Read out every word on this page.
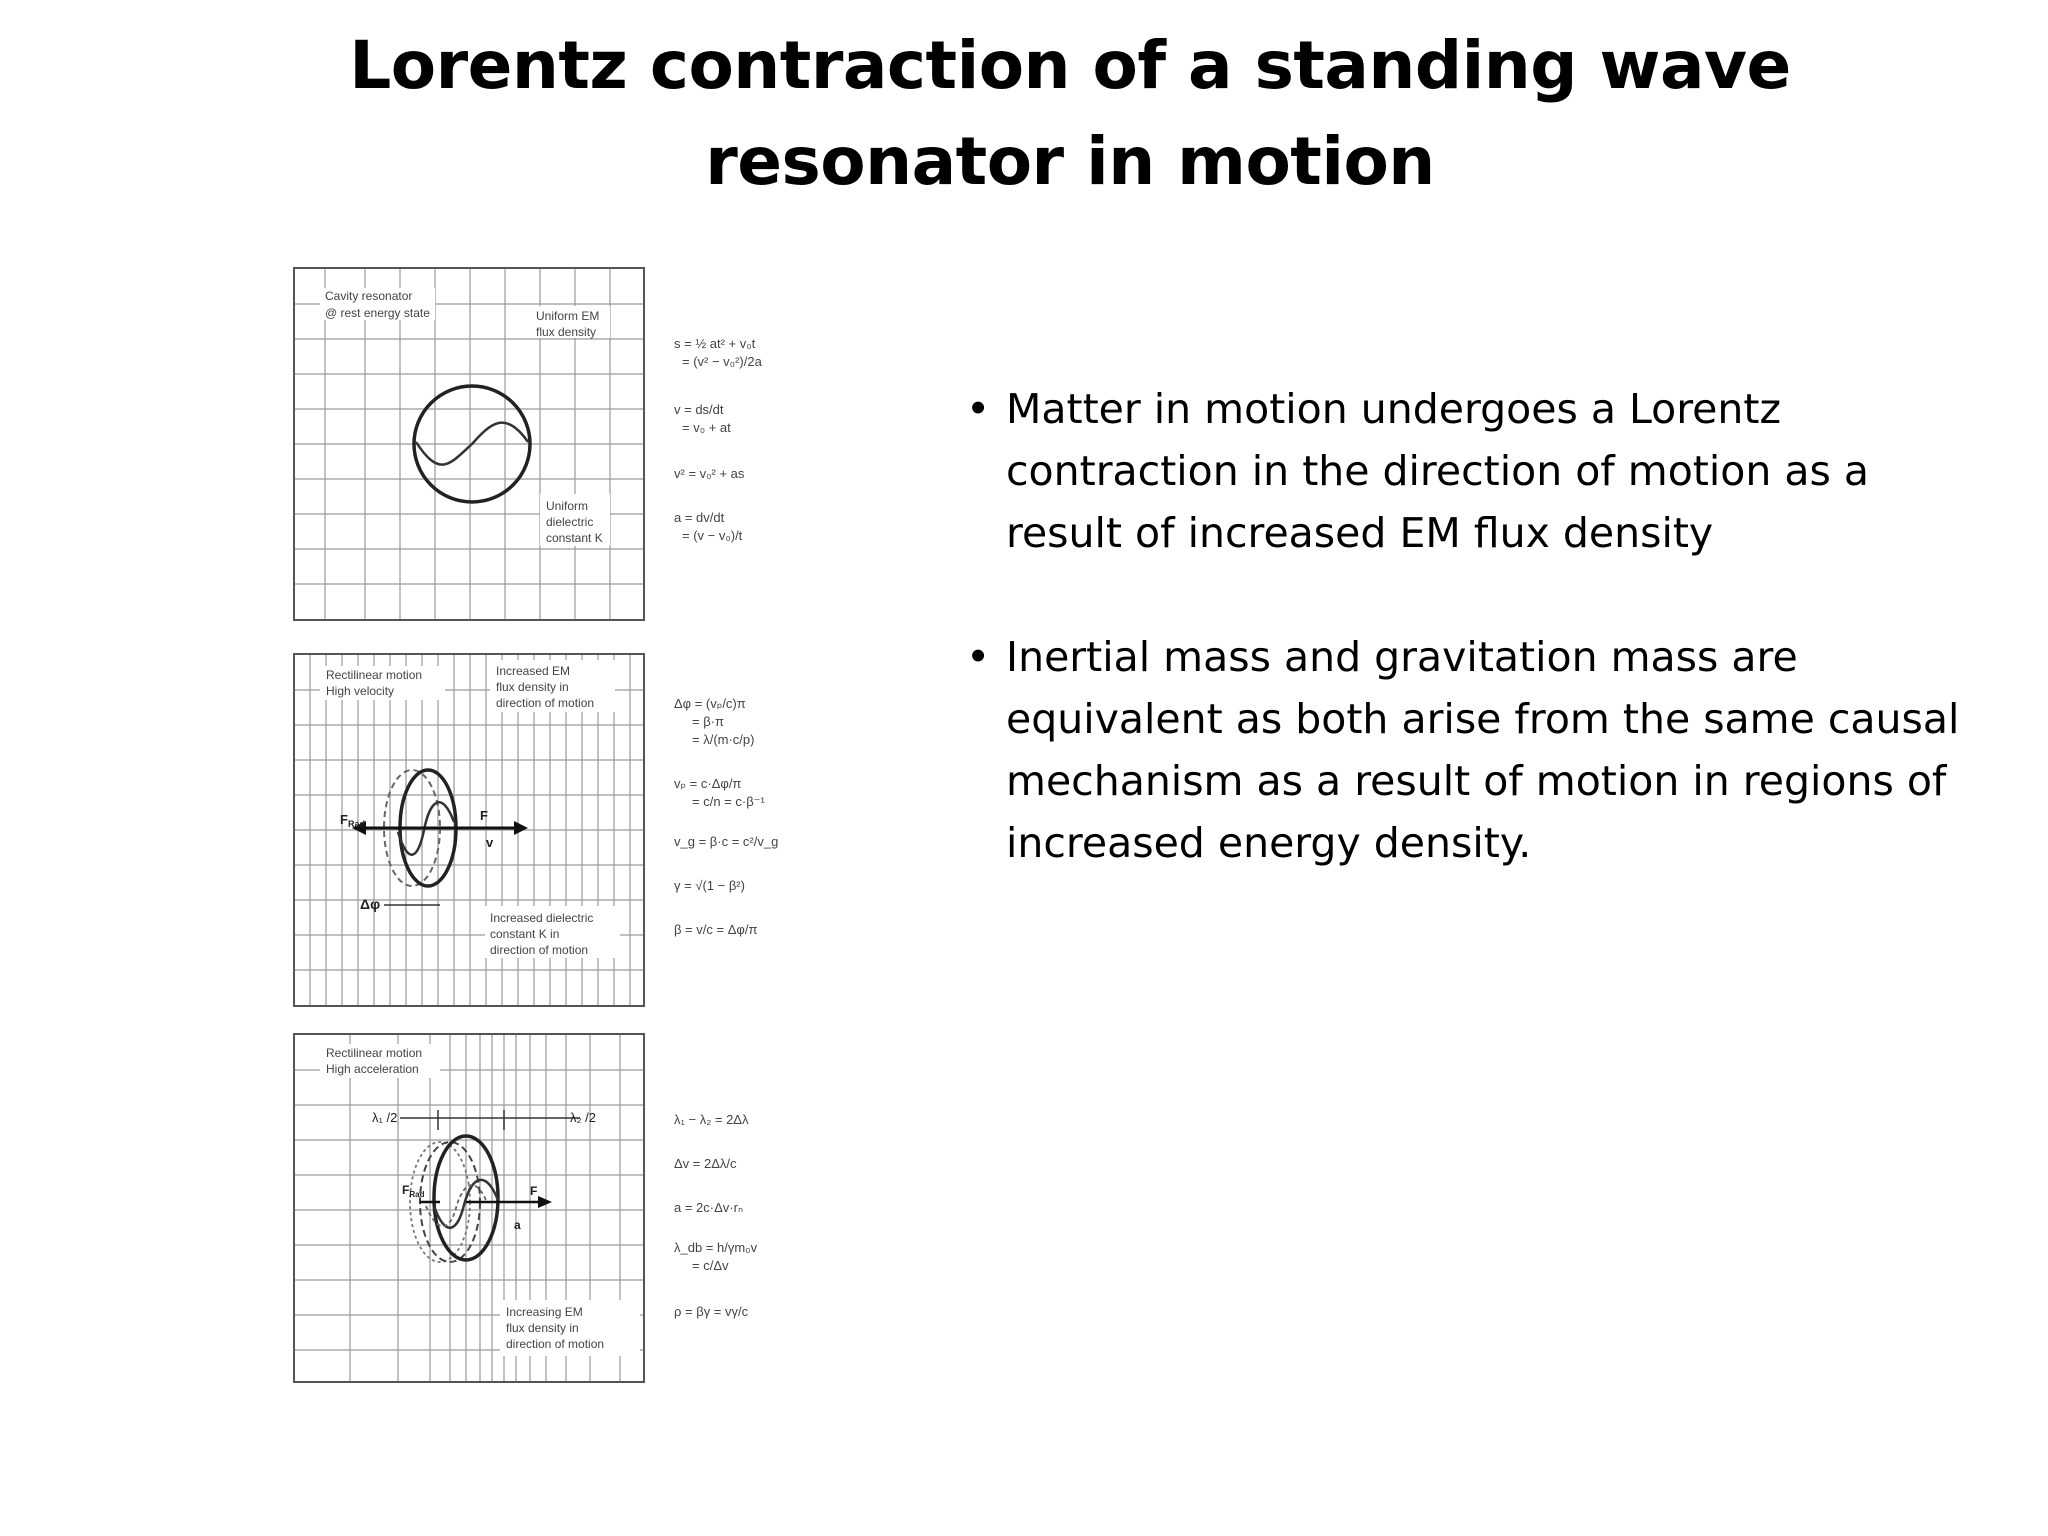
Lorentz contraction of a standing wave
resonator in motion
Cavity resonator
@ rest energy state	Uniform EM
flux density
Uniform
dielectric
constant K
s = ½ at² + v₀t
= (v² − v₀²)/2a
v = ds/dt
= v₀ + at
v² = v₀² + as
a = dv/dt
= (v − v₀)/t
$F_{Rad}$
F
v
Δφ
Rectilinear motion
High velocity
Increased EM
flux density in
direction of motion
Increased dielectric
constant K in
direction of motion
Δφ = (vₚ/c)π
= β·π
= λ/(m·c/p)
vₚ = c·Δφ/π
= c/n = c·β⁻¹
v_g = β·c = c²/v_g
γ = √(1 − β²)
β = v/c = Δφ/π
λ₁ /2	λ₂ /2
$F_{Rad}$	F
a
Rectilinear motion
High acceleration
Increasing EM
flux density in
direction of motion
λ₁ − λ₂ = 2Δλ
Δv = 2Δλ/c
a = 2c·Δv·rₙ
λ_db = h/γm₀v
= c/Δv
ρ = βγ = vγ/c

• Matter in motion undergoes a Lorentz contraction in the direction of motion as a result of increased EM flux density

• Inertial mass and gravitation mass are equivalent as both arise from the same causal mechanism as a result of motion in regions of increased energy density.
